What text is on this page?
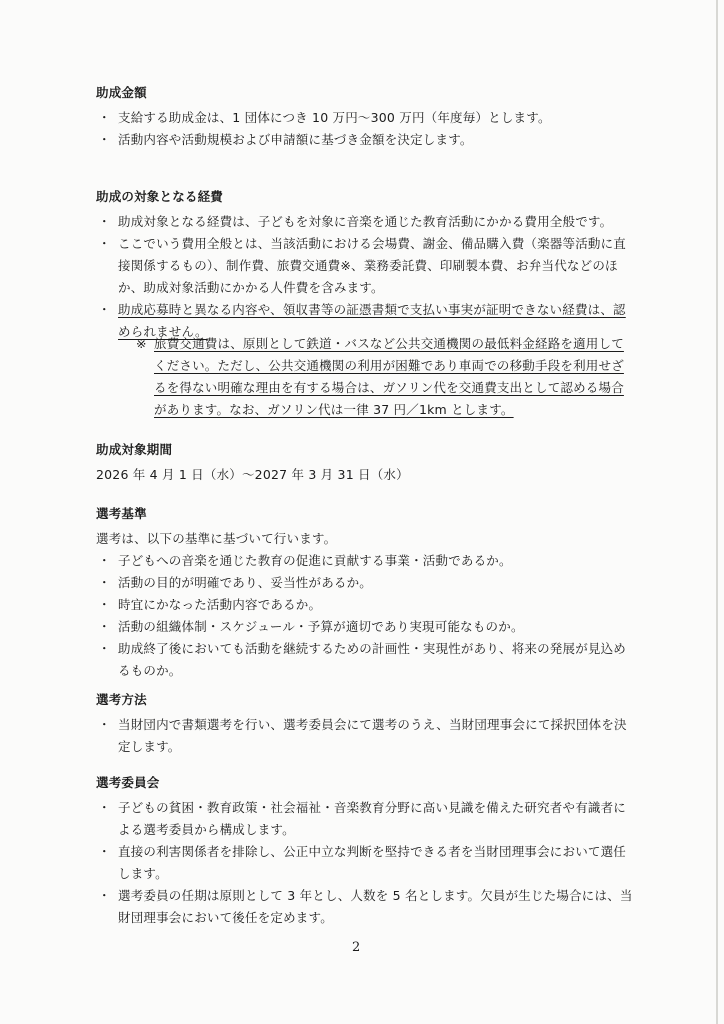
助成金額
・ 支給する助成金は、1 団体につき 10 万円～300 万円（年度毎）とします。
・ 活動内容や活動規模および申請額に基づき金額を決定します。
助成の対象となる経費
・ 助成対象となる経費は、子どもを対象に音楽を通じた教育活動にかかる費用全般です。
・ ここでいう費用全般とは、当該活動における会場費、謝金、備品購入費（楽器等活動に直接関係するもの）、制作費、旅費交通費※、業務委託費、印刷製本費、お弁当代などのほか、助成対象活動にかかる人件費を含みます。
・ 助成応募時と異なる内容や、領収書等の証憑書類で支払い事実が証明できない経費は、認められません。
※ 旅費交通費は、原則として鉄道・バスなど公共交通機関の最低料金経路を適用してください。ただし、公共交通機関の利用が困難であり車両での移動手段を利用せざるを得ない明確な理由を有する場合は、ガソリン代を交通費支出として認める場合があります。なお、ガソリン代は一律 37 円／1km とします。
助成対象期間

2026 年 4 月 1 日（水）～2027 年 3 月 31 日（水）

選考基準

選考は、以下の基準に基づいて行います。

・ 子どもへの音楽を通じた教育の促進に貢献する事業・活動であるか。
・ 活動の目的が明確であり、妥当性があるか。
・ 時宜にかなった活動内容であるか。
・ 活動の組織体制・スケジュール・予算が適切であり実現可能なものか。
・ 助成終了後においても活動を継続するための計画性・実現性があり、将来の発展が見込めるものか。
選考方法
・ 当財団内で書類選考を行い、選考委員会にて選考のうえ、当財団理事会にて採択団体を決定します。
選考委員会
・ 子どもの貧困・教育政策・社会福祉・音楽教育分野に高い見識を備えた研究者や有識者による選考委員から構成します。
・ 直接の利害関係者を排除し、公正中立な判断を堅持できる者を当財団理事会において選任します。
・ 選考委員の任期は原則として 3 年とし、人数を 5 名とします。欠員が生じた場合には、当財団理事会において後任を定めます。
2
